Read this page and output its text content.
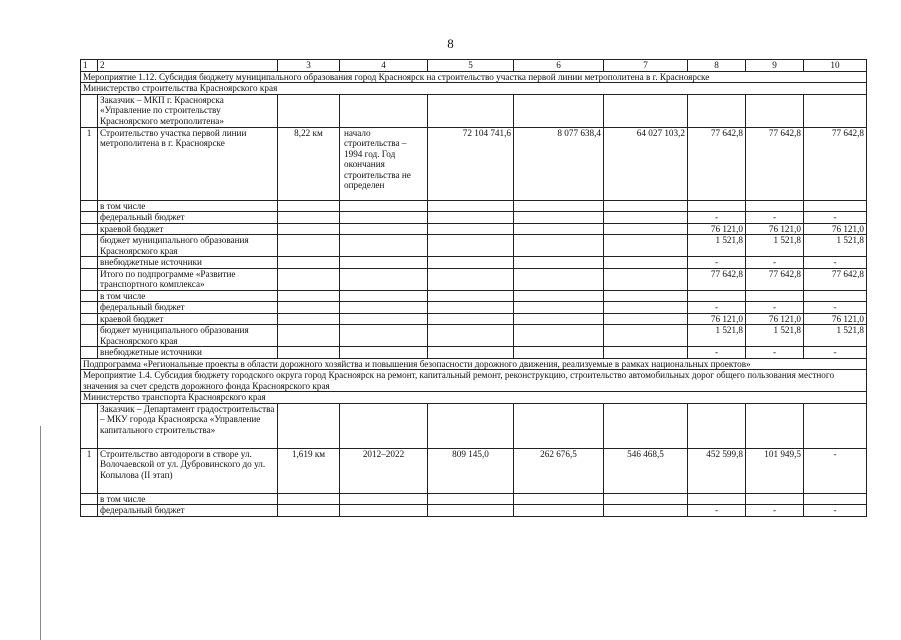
8
1	2	3	4	5	6	7	8	9	10
Мероприятие 1.12. Субсидия бюджету муниципального образования город Красноярск на строительство участка первой линии метрополитена в г. Красноярске									
Министерство строительства Красноярского края									
	Заказчик – МКП г. Красноярска «Управление по строительству Красноярского метрополитена»								
1	Строительство участка первой линии метрополитена в г. Красноярске	8,22 км	начало строительства – 1994 год. Год окончания строительства не определен	72 104 741,6	8 077 638,4	64 027 103,2	77 642,8	77 642,8	77 642,8
	в том числе								
	федеральный бюджет						-	-	-
	краевой бюджет						76 121,0	76 121,0	76 121,0
	бюджет муниципального образования Красноярского края						1 521,8	1 521,8	1 521,8
	внебюджетные источники						-	-	-
	Итого по подпрограмме «Развитие транспортного комплекса»						77 642,8	77 642,8	77 642,8
	в том числе								
	федеральный бюджет						-	-	-
	краевой бюджет						76 121,0	76 121,0	76 121,0
	бюджет муниципального образования Красноярского края						1 521,8	1 521,8	1 521,8
	внебюджетные источники						-	-	-
Подпрограмма «Региональные проекты в области дорожного хозяйства и повышения безопасности дорожного движения, реализуемые в рамках национальных проектов»									
Мероприятие 1.4. Субсидия бюджету городского округа город Красноярск на ремонт, капитальный ремонт, реконструкцию, строительство автомобильных дорог общего пользования местного значения за счет средств дорожного фонда Красноярского края									
Министерство транспорта Красноярского края									
	Заказчик – Департамент градостроительства – МКУ города Красноярска «Управление капитального строительства»								
1	Строительство автодороги в створе ул. Волочаевской от ул. Дубровинского до ул. Копылова (II этап)	1,619 км	2012–2022	809 145,0	262 676,5	546 468,5	452 599,8	101 949,5	-
	в том числе								
	федеральный бюджет						-	-	-
